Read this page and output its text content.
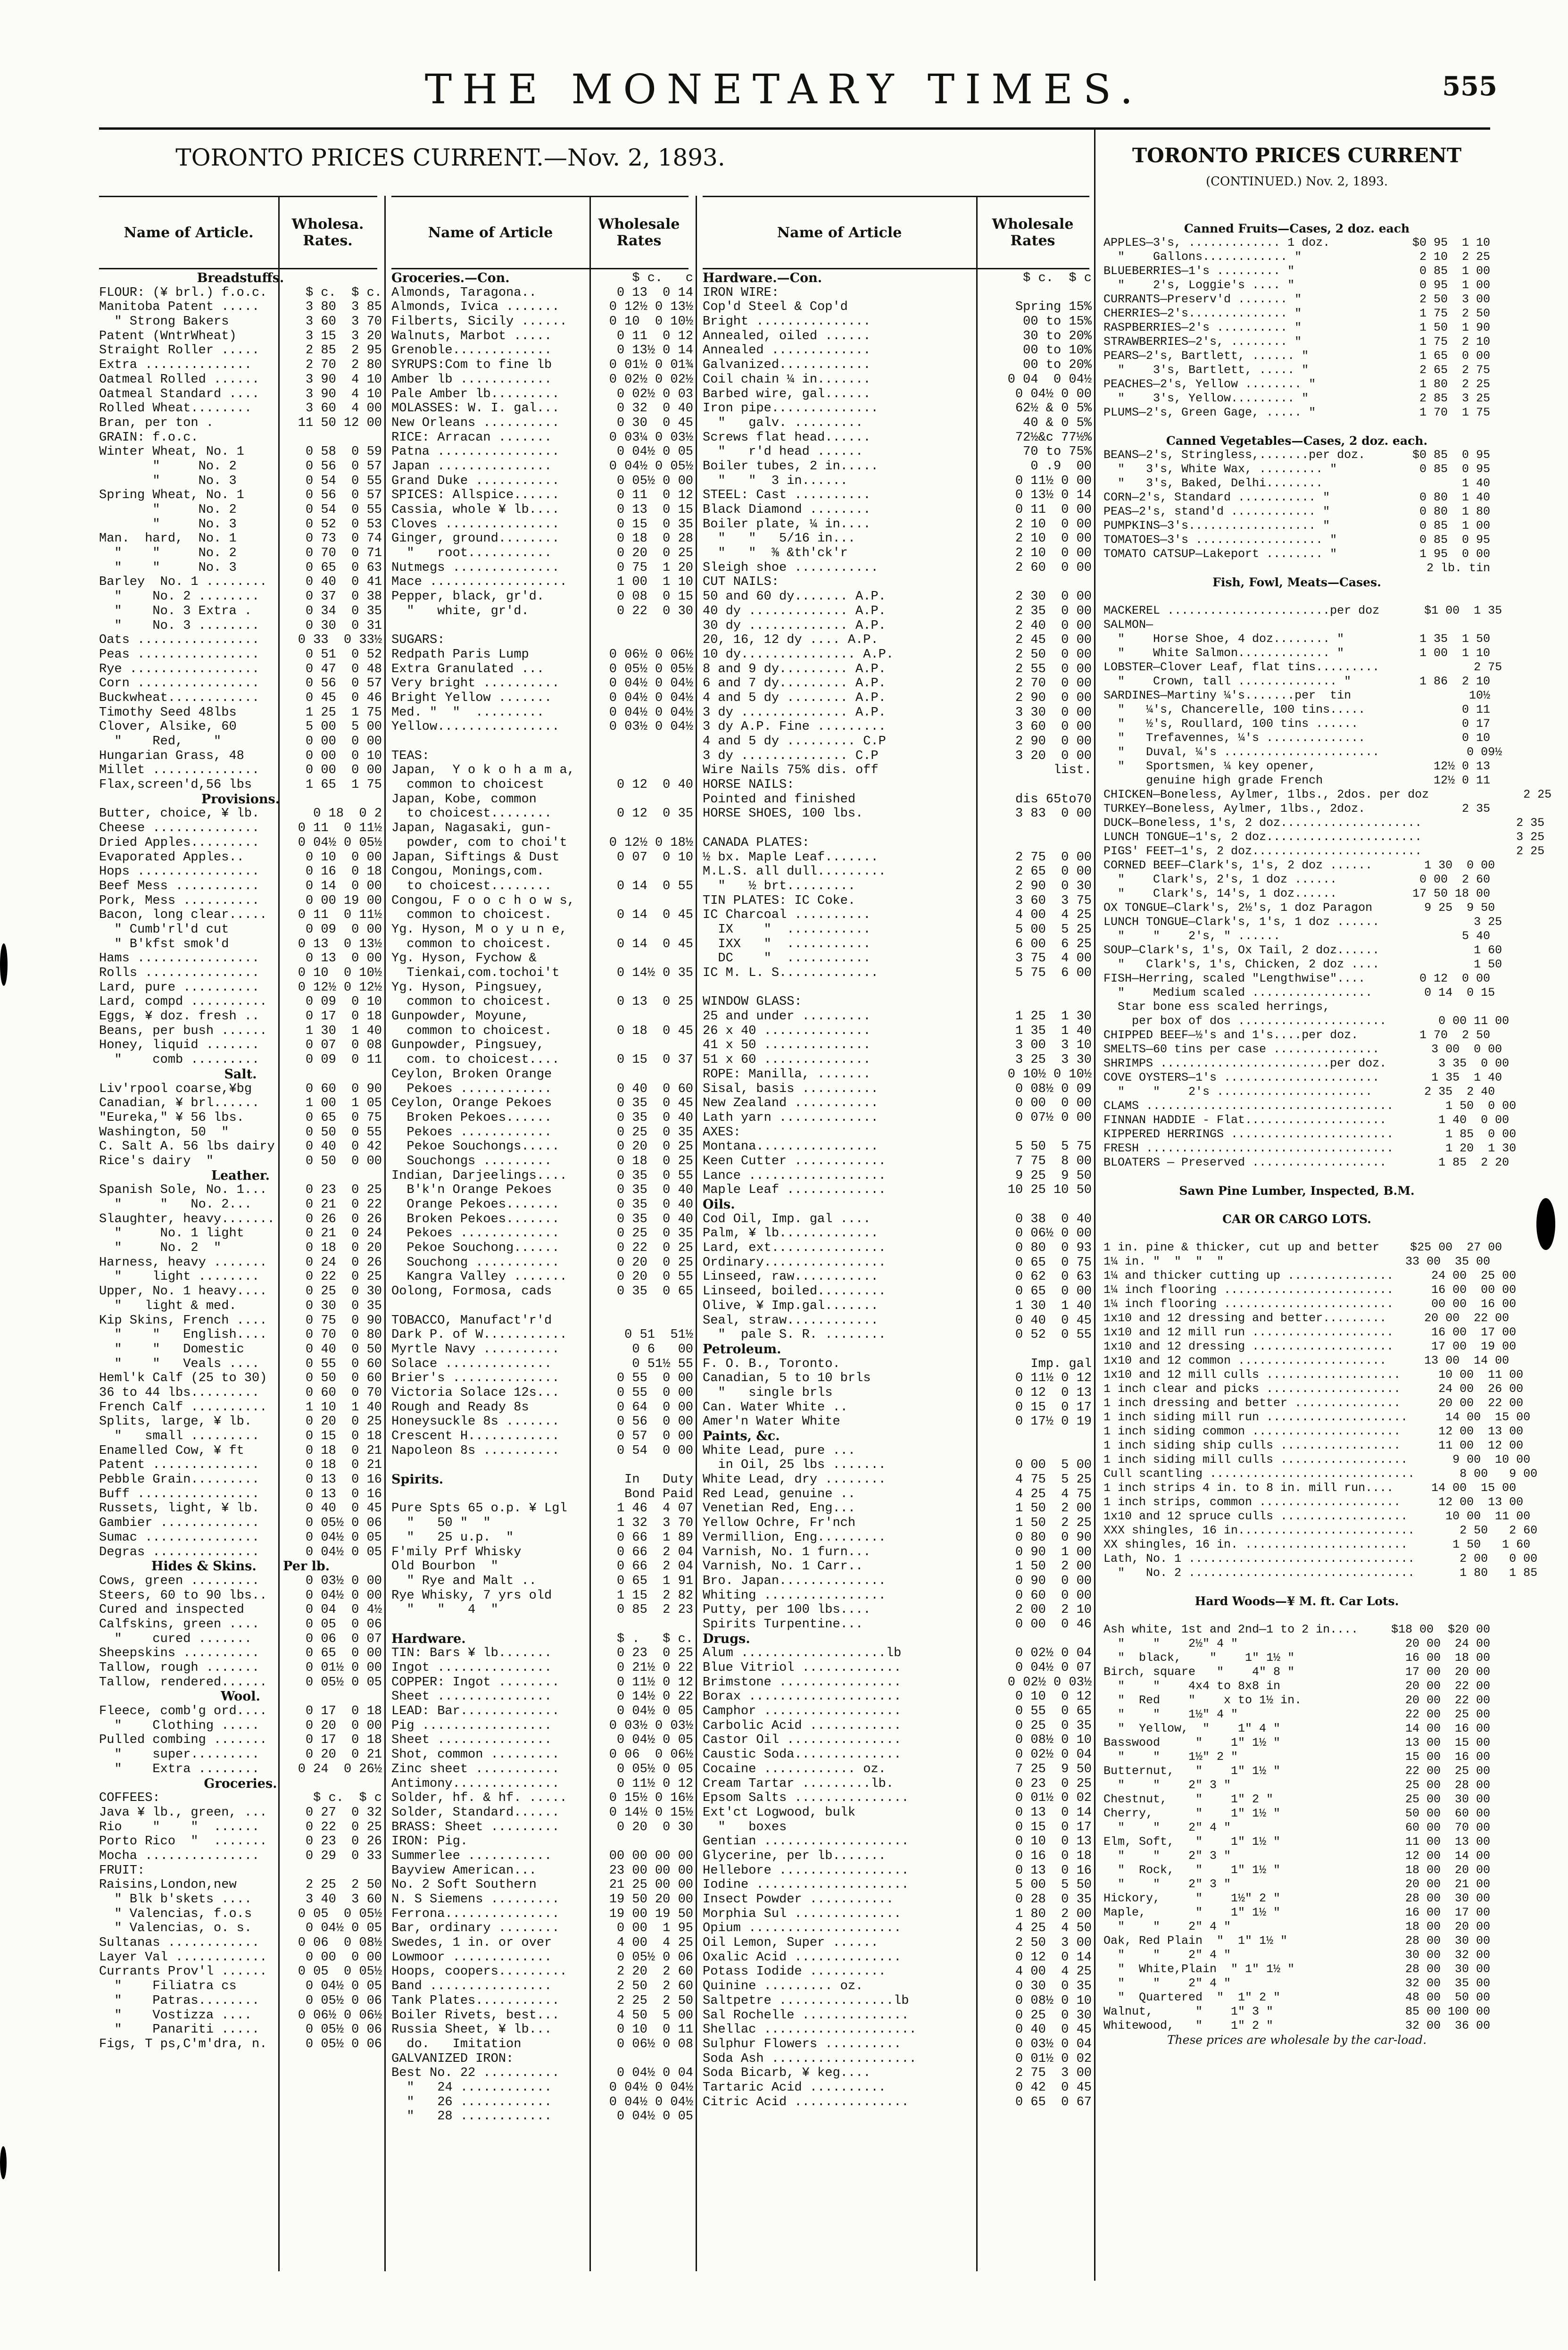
THE MONETARY TIMES.	555
TORONTO PRICES CURRENT.—Nov. 2, 1893.
Name of Article.	Wholesa. Rates.	Name of Article	Wholesale Rates	Name of Article	Wholesale Rates
Breadstuffs.
FLOUR: (¥ brl.) f.o.c.	$ c.  $ c.
Manitoba Patent .....	3 80  3 85
" Strong Bakers	3 60  3 70
Patent (WntrWheat)	3 15  3 20
Straight Roller .....	2 85  2 95
Extra ..............	2 70  2 80
Oatmeal Rolled ......	3 90  4 10
Oatmeal Standard ....	3 90  4 10
Rolled Wheat........	3 60  4 00
Bran, per ton .	11 50 12 00
GRAIN: f.o.c.
Winter Wheat, No. 1	0 58  0 59
"     No. 2	0 56  0 57
"     No. 3	0 54  0 55
Spring Wheat, No. 1	0 56  0 57
"     No. 2	0 54  0 55
"     No. 3	0 52  0 53
Man.  hard,  No. 1	0 73  0 74
"    "     No. 2	0 70  0 71
"    "     No. 3	0 65  0 63
Barley  No. 1 ........	0 40  0 41
"    No. 2 ........	0 37  0 38
"    No. 3 Extra .	0 34  0 35
"    No. 3 ........	0 30  0 31
Oats ................	0 33  0 33½
Peas ................	0 51  0 52
Rye .................	0 47  0 48
Corn ................	0 56  0 57
Buckwheat............	0 45  0 46
Timothy Seed 48lbs	1 25  1 75
Clover, Alsike, 60	5 00  5 00
"    Red,    "	0 00  0 00
Hungarian Grass, 48	0 00  0 10
Millet ..............	0 00  0 00
Flax,screen'd,56 lbs	1 65  1 75
Provisions.
Butter, choice, ¥ lb.	0 18  0 2
Cheese ..............	0 11  0 11½
Dried Apples.........	0 04½ 0 05½
Evaporated Apples..	0 10  0 00
Hops ................	0 16  0 18
Beef Mess ...........	0 14  0 00
Pork, Mess ..........	0 00 19 00
Bacon, long clear.....	0 11  0 11½
" Cumb'rl'd cut	0 09  0 00
" B'kfst smok'd	0 13  0 13½
Hams ................	0 13  0 00
Rolls ...............	0 10  0 10½
Lard, pure ..........	0 12½ 0 12½
Lard, compd ..........	0 09  0 10
Eggs, ¥ doz. fresh ..	0 17  0 18
Beans, per bush ......	1 30  1 40
Honey, liquid .......	0 07  0 08
"    comb .........	0 09  0 11
Salt.
Liv'rpool coarse,¥bg	0 60  0 90
Canadian, ¥ brl......	1 00  1 05
"Eureka," ¥ 56 lbs.	0 65  0 75
Washington, 50  "	0 50  0 55
C. Salt A. 56 lbs dairy	0 40  0 42
Rice's dairy  "	0 50  0 00
Leather.
Spanish Sole, No. 1...	0 23  0 25
"     "   No. 2...	0 21  0 22
Slaughter, heavy.......	0 26  0 26
"     No. 1 light	0 21  0 24
"     No. 2  "	0 18  0 20
Harness, heavy .......	0 24  0 26
"    light ........	0 22  0 25
Upper, No. 1 heavy....	0 25  0 30
"   light & med.	0 30  0 35
Kip Skins, French ....	0 75  0 90
"    "   English....	0 70  0 80
"    "   Domestic	0 40  0 50
"    "   Veals ....	0 55  0 60
Heml'k Calf (25 to 30)	0 50  0 60
36 to 44 lbs.........	0 60  0 70
French Calf ..........	1 10  1 40
Splits, large, ¥ lb.	0 20  0 25
"   small .........	0 15  0 18
Enamelled Cow, ¥ ft	0 18  0 21
Patent ..............	0 18  0 21
Pebble Grain.........	0 13  0 16
Buff ................	0 13  0 16
Russets, light, ¥ lb.	0 40  0 45
Gambier .............	0 05½ 0 06
Sumac ...............	0 04½ 0 05
Degras ..............	0 04½ 0 05
Hides & Skins.      Per lb.
Cows, green .........	0 03½ 0 00
Steers, 60 to 90 lbs..	0 04½ 0 00
Cured and inspected	0 04  0 4½
Calfskins, green ....	0 05  0 06
"    cured .......	0 06  0 07
Sheepskins ..........	0 65  0 00
Tallow, rough .......	0 01½ 0 00
Tallow, rendered......	0 05½ 0 05
Wool.
Fleece, comb'g ord....	0 17  0 18
"    Clothing .....	0 20  0 00
Pulled combing .......	0 17  0 18
"    super.........	0 20  0 21
"    Extra ........	0 24  0 26½
Groceries.
COFFEES:	$ c.  $ c
Java ¥ lb., green, ...	0 27  0 32
Rio    "    "  ......	0 22  0 25
Porto Rico  "  .......	0 23  0 26
Mocha ...............	0 29  0 33
FRUIT:
Raisins,London,new	2 25  2 50
" Blk b'skets ....	3 40  3 60
" Valencias, f.o.s	0 05  0 05½
" Valencias, o. s.	0 04½ 0 05
Sultanas ............	0 06  0 08½
Layer Val ............	0 00  0 00
Currants Prov'l ......	0 05  0 05½
"    Filiatra cs	0 04½ 0 05
"    Patras........	0 05½ 0 06
"    Vostizza ....	0 06½ 0 06½
"    Panariti .....	0 05½ 0 06
Figs, T ps,C'm'dra, n.	0 05½ 0 06
Groceries.—Con.	$ c.   c
Almonds, Taragona..	0 13  0 14
Almonds, Ivica .......	0 12½ 0 13½
Filberts, Sicily ......	0 10  0 10½
Walnuts, Marbot .....	0 11  0 12
Grenoble.............	0 13½ 0 14
SYRUPS:Com to fine lb	0 01½ 0 01¾
Amber lb ............	0 02½ 0 02½
Pale Amber lb.........	0 02½ 0 03
MOLASSES: W. I. gal...	0 32  0 40
New Orleans ..........	0 30  0 45
RICE: Arracan .......	0 03¼ 0 03½
Patna ................	0 04½ 0 05
Japan ...............	0 04½ 0 05½
Grand Duke ...........	0 05½ 0 00
SPICES: Allspice......	0 11  0 12
Cassia, whole ¥ lb....	0 13  0 15
Cloves ...............	0 15  0 35
Ginger, ground........	0 18  0 28
"   root...........	0 20  0 25
Nutmegs ..............	0 75  1 20
Mace ..................	1 00  1 10
Pepper, black, gr'd.	0 08  0 15
"   white, gr'd.	0 22  0 30
SUGARS:
Redpath Paris Lump	0 06½ 0 06½
Extra Granulated ...	0 05½ 0 05½
Very bright ..........	0 04½ 0 04½
Bright Yellow .......	0 04½ 0 04½
Med. "  "  .........	0 04½ 0 04½
Yellow................	0 03½ 0 04½
TEAS:
Japan,  Y o k o h a m a,
common to choicest	0 12  0 40
Japan, Kobe, common
to choicest........	0 12  0 35
Japan, Nagasaki, gun-
powder, com to choi't	0 12½ 0 18½
Japan, Siftings & Dust	0 07  0 10
Congou, Monings,com.
to choicest........	0 14  0 55
Congou, F o o c h o w s,
common to choicest.	0 14  0 45
Yg. Hyson, M o y u n e,
common to choicest.	0 14  0 45
Yg. Hyson, Fychow &
Tienkai,com.tochoi't	0 14½ 0 35
Yg. Hyson, Pingsuey,
common to choicest.	0 13  0 25
Gunpowder, Moyune,
common to choicest.	0 18  0 45
Gunpowder, Pingsuey,
com. to choicest....	0 15  0 37
Ceylon, Broken Orange
Pekoes ............	0 40  0 60
Ceylon, Orange Pekoes	0 35  0 45
Broken Pekoes......	0 35  0 40
Pekoes ............	0 25  0 35
Pekoe Souchongs.....	0 20  0 25
Souchongs .........	0 18  0 25
Indian, Darjeelings....	0 35  0 55
B'k'n Orange Pekoes	0 35  0 40
Orange Pekoes.......	0 35  0 40
Broken Pekoes.......	0 35  0 40
Pekoes .............	0 25  0 35
Pekoe Souchong......	0 22  0 25
Souchong ...........	0 20  0 25
Kangra Valley .......	0 20  0 55
Oolong, Formosa, cads	0 35  0 65
TOBACCO, Manufact'r'd
Dark P. of W...........	0 51  51½
Myrtle Navy ..........	0 6   00
Solace ..............	0 51½ 55
Brier's ..............	0 55  0 00
Victoria Solace 12s...	0 55  0 00
Rough and Ready 8s	0 64  0 00
Honeysuckle 8s .......	0 56  0 00
Crescent H............	0 57  0 00
Napoleon 8s ..........	0 54  0 00
Spirits.	In   Duty
Bond Paid
Pure Spts 65 o.p. ¥ Lgl	1 46  4 07
"   50 "  "	1 32  3 70
"   25 u.p.  "	0 66  1 89
F'mily Prf Whisky	0 66  2 04
Old Bourbon  "	0 66  2 04
" Rye and Malt ..	0 65  1 91
Rye Whisky, 7 yrs old	1 15  2 82
"   "   4  "	0 85  2 23
Hardware.	$ .   $ c.
TIN: Bars ¥ lb.......	0 23  0 25
Ingot ...............	0 21½ 0 22
COPPER: Ingot ........	0 11½ 0 12
Sheet ...............	0 14½ 0 22
LEAD: Bar.............	0 04½ 0 05
Pig .................	0 03½ 0 03½
Sheet ...............	0 04½ 0 05
Shot, common .........	0 06  0 06½
Zinc sheet ...........	0 05½ 0 05
Antimony..............	0 11½ 0 12
Solder, hf. & hf. .....	0 15½ 0 16½
Solder, Standard......	0 14½ 0 15½
BRASS: Sheet .........	0 20  0 30
IRON: Pig.
Summerlee ...........	00 00 00 00
Bayview American...	23 00 00 00
No. 2 Soft Southern	21 25 00 00
N. S Siemens .........	19 50 20 00
Ferrona...............	19 00 19 50
Bar, ordinary ........	0 00  1 95
Swedes, 1 in. or over	4 00  4 25
Lowmoor .............	0 05½ 0 06
Hoops, coopers.........	2 20  2 60
Band ................	2 50  2 60
Tank Plates...........	2 25  2 50
Boiler Rivets, best...	4 50  5 00
Russia Sheet, ¥ lb...	0 10  0 11
do.   Imitation	0 06½ 0 08
GALVANIZED IRON:
Best No. 22 ..........	0 04½ 0 04
"   24 ............	0 04½ 0 04½
"   26 ............	0 04½ 0 04½
"   28 ............	0 04½ 0 05
Hardware.—Con.	$ c.  $ c
IRON WIRE:
Cop'd Steel & Cop'd	Spring 15%
Bright ...............	00 to 15%
Annealed, oiled ......	30 to 20%
Annealed .............	00 to 10%
Galvanized............	00 to 20%
Coil chain ¼ in.......	0 04  0 04½
Barbed wire, gal......	0 04½ 0 00
Iron pipe..............	62½ & 0 5%
"   galv. .........	40 & 0 5%
Screws flat head......	72½&c 77½%
"   r'd head ......	70 to 75%
Boiler tubes, 2 in.....	0 .9  00
"   "  3 in......	0 11½ 0 00
STEEL: Cast ..........	0 13½ 0 14
Black Diamond ........	0 11  0 00
Boiler plate, ¼ in....	2 10  0 00
"   "   5/16 in...	2 10  0 00
"   "  ⅜ &th'ck'r	2 10  0 00
Sleigh shoe ...........	2 60  0 00
CUT NAILS:
50 and 60 dy....... A.P.	2 30  0 00
40 dy ............. A.P.	2 35  0 00
30 dy ............. A.P.	2 40  0 00
20, 16, 12 dy .... A.P.	2 45  0 00
10 dy............... A.P.	2 50  0 00
8 and 9 dy......... A.P.	2 55  0 00
6 and 7 dy......... A.P.	2 70  0 00
4 and 5 dy ........ A.P.	2 90  0 00
3 dy .............. A.P.	3 30  0 00
3 dy A.P. Fine .........	3 60  0 00
4 and 5 dy ......... C.P	2 90  0 00
3 dy .............. C.P	3 20  0 00
Wire Nails 75% dis. off	list.
HORSE NAILS:
Pointed and finished	dis 65to70
HORSE SHOES, 100 lbs.	3 83  0 00
CANADA PLATES:
½ bx. Maple Leaf.......	2 75  0 00
M.L.S. all dull.........	2 65  0 00
"   ½ brt.........	2 90  0 30
TIN PLATES: IC Coke.	3 60  3 75
IC Charcoal ..........	4 00  4 25
IX    "  ...........	5 00  5 25
IXX   "  ...........	6 00  6 25
DC    "  ...........	3 75  4 00
IC M. L. S.............	5 75  6 00
WINDOW GLASS:
25 and under .........	1 25  1 30
26 x 40 ..............	1 35  1 40
41 x 50 ..............	3 00  3 10
51 x 60 ..............	3 25  3 30
ROPE: Manilla, .......	0 10½ 0 10½
Sisal, basis ..........	0 08½ 0 09
New Zealand ...........	0 00  0 00
Lath yarn .............	0 07½ 0 00
AXES:
Montana................	5 50  5 75
Keen Cutter ............	7 75  8 00
Lance ..................	9 25  9 50
Maple Leaf .............	10 25 10 50
Oils.
Cod Oil, Imp. gal ....	0 38  0 40
Palm, ¥ lb.............	0 06½ 0 00
Lard, ext...............	0 80  0 93
Ordinary................	0 65  0 75
Linseed, raw...........	0 62  0 63
Linseed, boiled.........	0 65  0 00
Olive, ¥ Imp.gal.......	1 30  1 40
Seal, straw............	0 40  0 45
"  pale S. R. ........	0 52  0 55
Petroleum.
F. O. B., Toronto.	Imp. gal
Canadian, 5 to 10 brls	0 11½ 0 12
"   single brls	0 12  0 13
Can. Water White ..	0 15  0 17
Amer'n Water White	0 17½ 0 19
Paints, &c.
White Lead, pure ...
in Oil, 25 lbs .......	0 00  5 00
White Lead, dry ........	4 75  5 25
Red Lead, genuine ..	4 25  4 75
Venetian Red, Eng...	1 50  2 00
Yellow Ochre, Fr'nch	1 50  2 25
Vermillion, Eng.........	0 80  0 90
Varnish, No. 1 furn...	0 90  1 00
Varnish, No. 1 Carr..	1 50  2 00
Bro. Japan..............	0 90  0 00
Whiting ................	0 60  0 00
Putty, per 100 lbs....	2 00  2 10
Spirits Turpentine...	0 00  0 46
Drugs.
Alum ...................lb	0 02½ 0 04
Blue Vitriol .............	0 04½ 0 07
Brimstone ................	0 02½ 0 03½
Borax ....................	0 10  0 12
Camphor ..................	0 55  0 65
Carbolic Acid ............	0 25  0 35
Castor Oil ...............	0 08½ 0 10
Caustic Soda..............	0 02½ 0 04
Cocaine ............ oz.	7 25  9 50
Cream Tartar .........lb.	0 23  0 25
Epsom Salts ...............	0 01½ 0 02
Ext'ct Logwood, bulk	0 13  0 14
"   boxes	0 15  0 17
Gentian ...................	0 10  0 13
Glycerine, per lb.......	0 16  0 18
Hellebore .................	0 13  0 16
Iodine ....................	5 00  5 50
Insect Powder ...........	0 28  0 35
Morphia Sul ..............	1 80  2 00
Opium ....................	4 25  4 50
Oil Lemon, Super ......	2 50  3 00
Oxalic Acid ..............	0 12  0 14
Potass Iodide ..........	4 00  4 25
Quinine ......... oz.	0 30  0 35
Saltpetre ...............lb	0 08½ 0 10
Sal Rochelle ..............	0 25  0 30
Shellac ....................	0 40  0 45
Sulphur Flowers ..........	0 03½ 0 04
Soda Ash ...................	0 01½ 0 02
Soda Bicarb, ¥ keg....	2 75  3 00
Tartaric Acid ..........	0 42  0 45
Citric Acid ...............	0 65  0 67
TORONTO PRICES CURRENT
(CONTINUED.) Nov. 2, 1893.
Canned Fruits—Cases, 2 doz. each
APPLES—3's, ............. 1 doz.	$0 95  1 10
"    Gallons............ "	2 10  2 25
BLUEBERRIES—1's ......... "	0 85  1 00
"    2's, Loggie's .... "	0 95  1 00
CURRANTS—Preserv'd ....... "	2 50  3 00
CHERRIES—2's.............. "	1 75  2 50
RASPBERRIES—2's .......... "	1 50  1 90
STRAWBERRIES—2's, ........ "	1 75  2 10
PEARS—2's, Bartlett, ...... "	1 65  0 00
"    3's, Bartlett, ..... "	2 65  2 75
PEACHES—2's, Yellow ........ "	1 80  2 25
"    3's, Yellow......... "	2 85  3 25
PLUMS—2's, Green Gage, ..... "	1 70  1 75
Canned Vegetables—Cases, 2 doz. each.
BEANS—2's, Stringless,.......per doz.	$0 85  0 95
"   3's, White Wax, ......... "	0 85  0 95
"   3's, Baked, Delhi........	1 40
CORN—2's, Standard ........... "	0 80  1 40
PEAS—2's, stand'd ............ "	0 80  1 80
PUMPKINS—3's.................. "	0 85  1 00
TOMATOES—3's .................. "	0 85  0 95
TOMATO CATSUP—Lakeport ........ "	1 95  0 00
2 lb. tin
Fish, Fowl, Meats—Cases.
MACKEREL .......................per doz	$1 00  1 35
SALMON—
"    Horse Shoe, 4 doz........ "	1 35  1 50
"    White Salmon............. "	1 00  1 10
LOBSTER—Clover Leaf, flat tins.........	2 75
"    Crown, tall .............. "	1 86  2 10
SARDINES—Martiny ¼'s.......per  tin	10½
"   ¼'s, Chancerelle, 100 tins.....	0 11
"   ½'s, Roullard, 100 tins ......	0 17
"   Trefavennes, ¼'s ..............	0 10
"   Duval, ¼'s ......................	0 09½
"   Sportsmen, ¼ key opener,	12½ 0 13
genuine high grade French	12½ 0 11
CHICKEN—Boneless, Aylmer, 1lbs., 2dos. per doz	2 25
TURKEY—Boneless, Aylmer, 1lbs., 2doz.	2 35
DUCK—Boneless, 1's, 2 doz....................	2 35
LUNCH TONGUE—1's, 2 doz......................	3 25
PIGS' FEET—1's, 2 doz........................	2 25
CORNED BEEF—Clark's, 1's, 2 doz ......	1 30  0 00
"    Clark's, 2's, 1 doz ......	0 00  2 60
"    Clark's, 14's, 1 doz......	17 50 18 00
OX TONGUE—Clark's, 2½'s, 1 doz Paragon	9 25  9 50
LUNCH TONGUE—Clark's, 1's, 1 doz ......	3 25
"    "    2's, " ......	5 40
SOUP—Clark's, 1's, Ox Tail, 2 doz......	1 60
"   Clark's, 1's, Chicken, 2 doz ....	1 50
FISH—Herring, scaled "Lengthwise"....	0 12  0 00
"    Medium scaled .................	0 14  0 15
Star bone ess scaled herrings,
per box of dos .....................	0 00 11 00
CHIPPED BEEF—½'s and 1's....per doz.	1 70  2 50
SMELTS—60 tins per case ...............	3 00  0 00
SHRIMPS ........................per doz.	3 35  0 00
COVE OYSTERS—1's ......................	1 35  1 40
"    "    2's ......................	2 35  2 40
CLAMS ...................................	1 50  0 00
FINNAN HADDIE - Flat....................	1 40  0 00
KIPPERED HERRINGS .......................	1 85  0 00
FRESH ...................................	1 20  1 30
BLOATERS — Preserved ...................	1 85  2 20
Sawn Pine Lumber, Inspected, B.M.
CAR OR CARGO LOTS.
1 in. pine & thicker, cut up and better	$25 00  27 00
1¼ in. "  "  "  "	33 00  35 00
1¼ and thicker cutting up ...............	24 00  25 00
1¼ inch flooring ........................	16 00  00 00
1¼ inch flooring ........................	00 00  16 00
1x10 and 12 dressing and better.........	20 00  22 00
1x10 and 12 mill run ....................	16 00  17 00
1x10 and 12 dressing ....................	17 00  19 00
1x10 and 12 common .....................	13 00  14 00
1x10 and 12 mill culls ...................	10 00  11 00
1 inch clear and picks ...................	24 00  26 00
1 inch dressing and better ...............	20 00  22 00
1 inch siding mill run ....................	14 00  15 00
1 inch siding common .....................	12 00  13 00
1 inch siding ship culls .................	11 00  12 00
1 inch siding mill culls ..................	9 00  10 00
Cull scantling .............................	8 00   9 00
1 inch strips 4 in. to 8 in. mill run....	14 00  15 00
1 inch strips, common ....................	12 00  13 00
1x10 and 12 spruce culls ..................	10 00  11 00
XXX shingles, 16 in.........................	2 50   2 60
XX shingles, 16 in. .......................	1 50   1 60
Lath, No. 1 ................................	2 00   0 00
"   No. 2 ................................	1 80   1 85
Hard Woods—¥ M. ft. Car Lots.
Ash white, 1st and 2nd—1 to 2 in....	$18 00  $20 00
"    "    2½" 4 "	20 00  24 00
"  black,    "    1" 1½ "	16 00  18 00
Birch, square   "    4" 8 "	17 00  20 00
"    "    4x4 to 8x8 in	20 00  22 00
"  Red    "    x to 1½ in.	20 00  22 00
"    "    1½" 4 "	22 00  25 00
"  Yellow,  "    1" 4 "	14 00  16 00
Basswood     "    1" 1½ "	13 00  15 00
"    "    1½" 2 "	15 00  16 00
Butternut,   "    1" 1½ "	22 00  25 00
"    "    2" 3 "	25 00  28 00
Chestnut,    "    1" 2 "	25 00  30 00
Cherry,      "    1" 1½ "	50 00  60 00
"    "    2" 4 "	60 00  70 00
Elm, Soft,   "    1" 1½ "	11 00  13 00
"    "    2" 3 "	12 00  14 00
"  Rock,   "    1" 1½ "	18 00  20 00
"    "    2" 3 "	20 00  21 00
Hickory,     "    1½" 2 "	28 00  30 00
Maple,       "    1" 1½ "	16 00  17 00
"    "    2" 4 "	18 00  20 00
Oak, Red Plain  "  1" 1½ "	28 00  30 00
"    "    2" 4 "	30 00  32 00
"  White,Plain  " 1" 1½ "	28 00  30 00
"    "    2" 4 "	32 00  35 00
"  Quartered  "  1" 2 "	48 00  50 00
Walnut,      "    1" 3 "	85 00 100 00
Whitewood,   "    1" 2 "	32 00  36 00
These prices are wholesale by the car-load.
